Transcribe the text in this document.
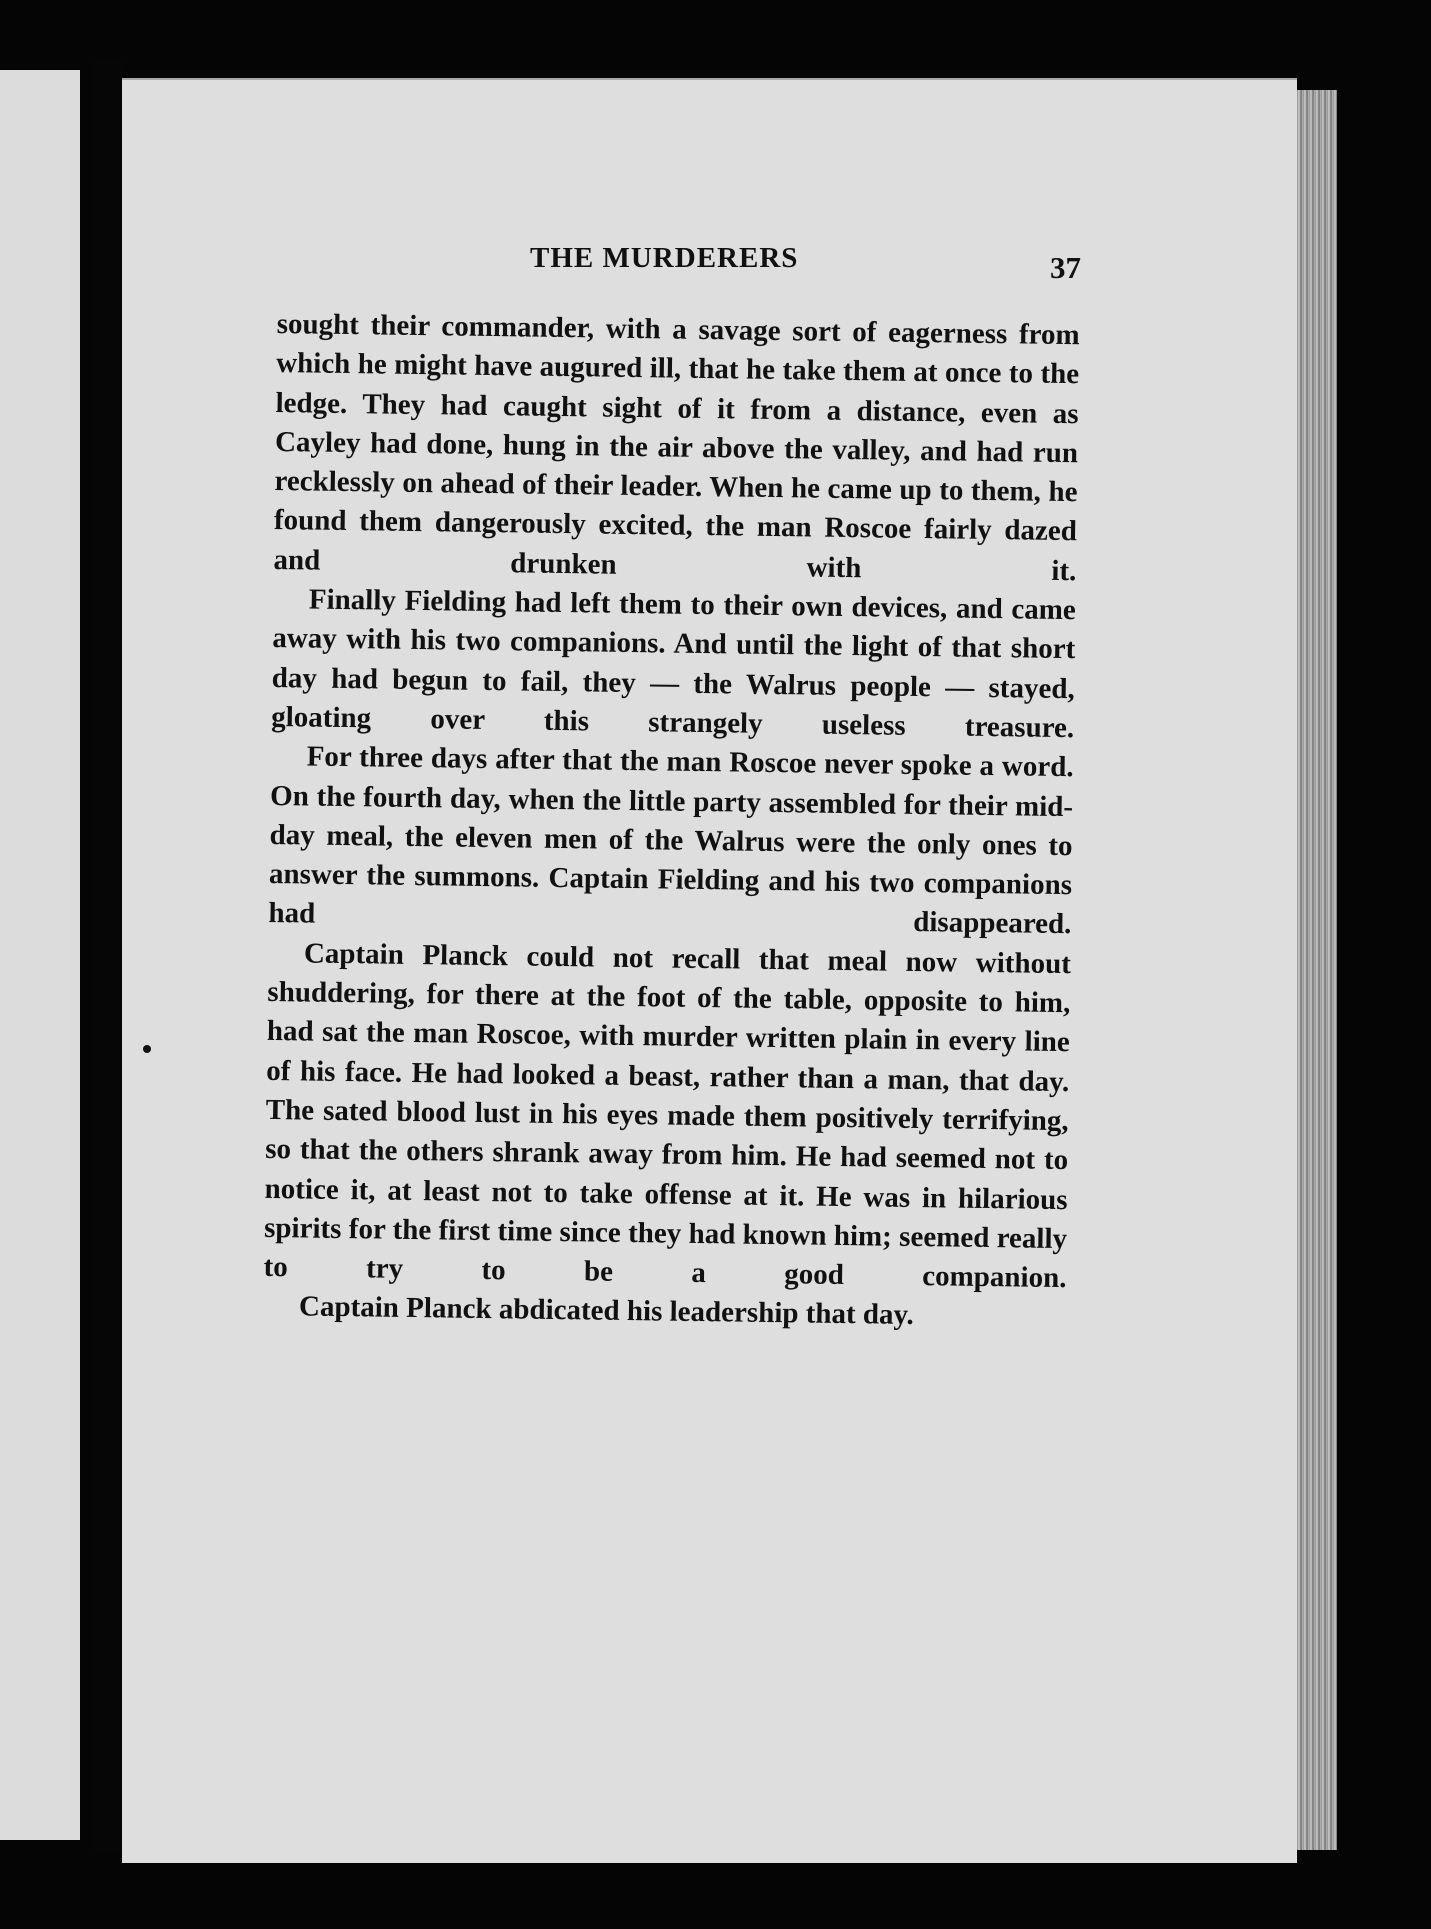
THE MURDERERS	37

sought their commander, with a savage sort of eagerness from which he might have augured ill, that he take them at once to the ledge. They had caught sight of it from a distance, even as Cayley had done, hung in the air above the valley, and had run recklessly on ahead of their leader. When he came up to them, he found them dangerously excited, the man Roscoe fairly dazed and drunken with it.

Finally Fielding had left them to their own devices, and came away with his two companions. And until the light of that short day had begun to fail, they — the Walrus people — stayed, gloating over this strangely useless treasure.

For three days after that the man Roscoe never spoke a word. On the fourth day, when the little party assembled for their mid-day meal, the eleven men of the Walrus were the only ones to answer the summons. Captain Fielding and his two companions had disappeared.

Captain Planck could not recall that meal now without shuddering, for there at the foot of the table, opposite to him, had sat the man Roscoe, with murder written plain in every line of his face. He had looked a beast, rather than a man, that day. The sated blood lust in his eyes made them positively terrifying, so that the others shrank away from him. He had seemed not to notice it, at least not to take offense at it. He was in hilarious spirits for the first time since they had known him; seemed really to try to be a good companion.

Captain Planck abdicated his leadership that day.
